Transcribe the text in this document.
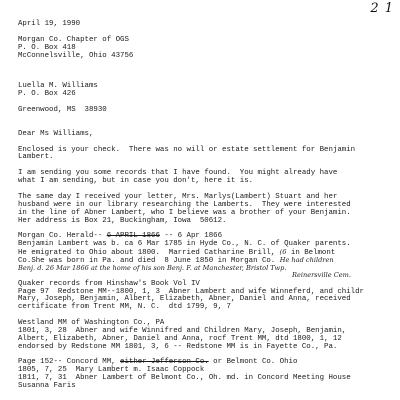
2 1
April 19, 1990
Morgan Co. Chapter of OGS
P. O. Box 418
McConnelsville, Ohio 43756
Luella M. Williams
P. O. Box 426
Greenwood, MS  38930
Dear Ms Williams,
Enclosed is your check.  There was no will or estate settlement for Benjamin
Lambert.
I am sending you some records that I have found.  You might already have
what I am sending, but in case you don't, here it is.
The same day I received your letter, Mrs. Marlys(Lambert) Stuart and her
husband were in our library researching the Lamberts.  They were interested
in the line of Abner Lambert, who I believe was a brother of your Benjamin.
Her address is Box 21, Buckingham, Iowa  50612.
Morgan Co. Herald-- 6 APRIL 1866 -- 6 Apr 1866
Benjamin Lambert was b. ca 6 Mar 1785 in Hyde Co., N. C. of Quaker parents.
He emigrated to Ohio about 1800.  Married Catharine Brill, (6 in Belmont
Co.She was born in Pa. and died  8 June 1850 in Morgan Co. He had children
Benj. d. 26 Mar 1866 at the home of his son Benj. F. at Manchester, Bristol Twp.
Reinersville Cem.
Quaker records from Hinshaw's Book Vol IV
Page 97  Redstone MM--1800, 1, 3  Abner Lambert and wife Winneferd, and childr
Mary, Joseph, Benjamin, Albert, Elizabeth, Abner, Daniel and Anna, received
certificate from Trent MM, N. C.  dtd 1799, 9, 7
Westland MM of Washington Co., PA
1801, 3, 28  Abner and wife Winnifred and Children Mary, Joseph, Benjamin,
Albert, Elizabeth, Abner, Daniel and Anna, rocf Trent MM, dtd 1800, 1, 12
endorsed by Redstone MM 1801, 3, 6 -- Redstone MM is in Fayette Co., Pa.
Page 152-- Concord MM, either Jefferson Co. or Belmont Co. Ohio
1805, 7, 25  Mary Lambert m. Isaac Coppock
1811, 7, 31  Abner Lambert of Belmont Co., Oh. md. in Concord Meeting House
Susanna Faris
